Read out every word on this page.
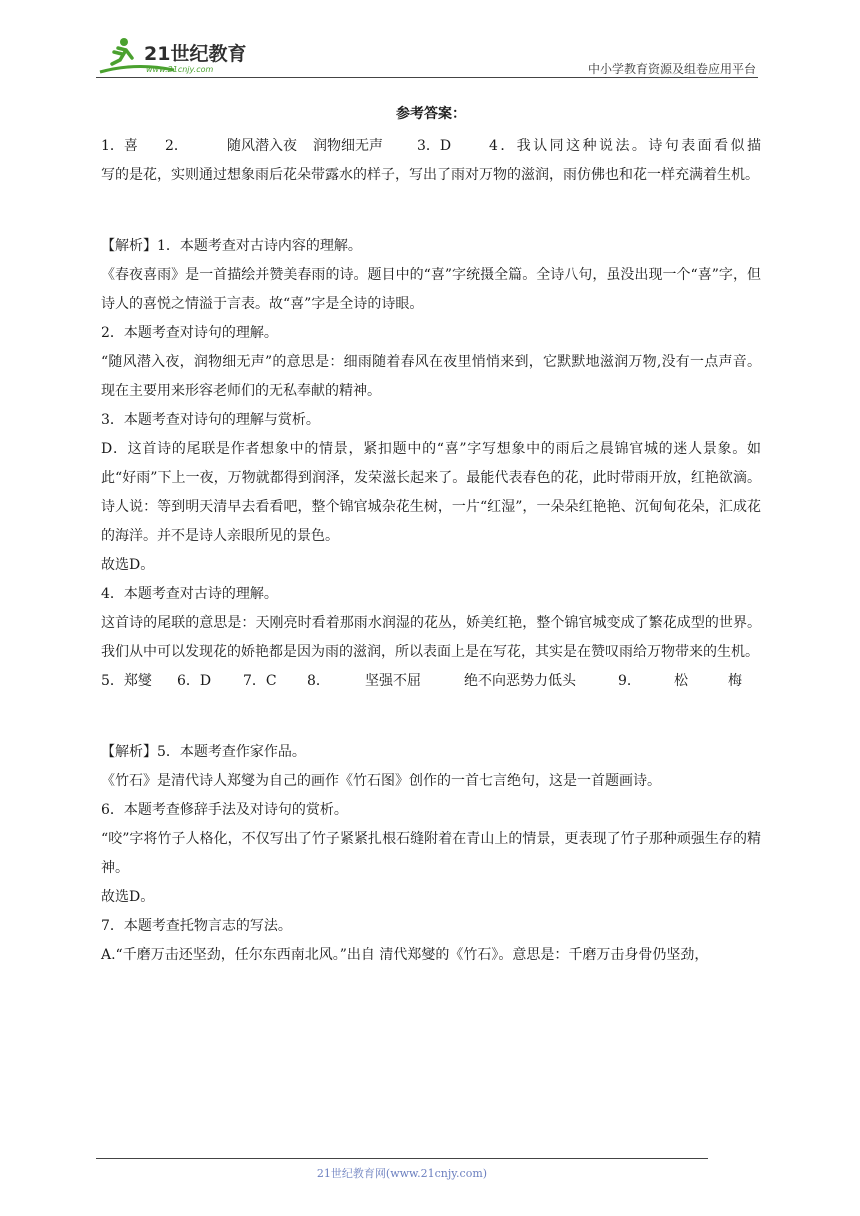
21世纪教育
www.21cnjy.com	中小学教育资源及组卷应用平台
参考答案：
1．喜	2．	随风潜入夜	润物细无声	3．D	4．我认同这种说法。诗句表面看似描

写的是花，实则通过想象雨后花朵带露水的样子，写出了雨对万物的滋润，雨仿佛也和花一样充满着生机。

【解析】1．本题考查对古诗内容的理解。

《春夜喜雨》是一首描绘并赞美春雨的诗。题目中的“喜”字统摄全篇。全诗八句，虽没出现一个“喜”字，但诗人的喜悦之情溢于言表。故“喜”字是全诗的诗眼。

2．本题考查对诗句的理解。

“随风潜入夜，润物细无声”的意思是：细雨随着春风在夜里悄悄来到，它默默地滋润万物,没有一点声音。现在主要用来形容老师们的无私奉献的精神。

3．本题考查对诗句的理解与赏析。

D．这首诗的尾联是作者想象中的情景，紧扣题中的“喜”字写想象中的雨后之晨锦官城的迷人景象。如此“好雨”下上一夜，万物就都得到润泽，发荣滋长起来了。最能代表春色的花，此时带雨开放，红艳欲滴。诗人说：等到明天清早去看看吧，整个锦官城杂花生树，一片“红湿”，一朵朵红艳艳、沉甸甸花朵，汇成花的海洋。并不是诗人亲眼所见的景色。

故选D。

4．本题考查对古诗的理解。

这首诗的尾联的意思是：天刚亮时看着那雨水润湿的花丛，娇美红艳，整个锦官城变成了繁花成型的世界。我们从中可以发现花的娇艳都是因为雨的滋润，所以表面上是在写花，其实是在赞叹雨给万物带来的生机。

5．郑燮	6．D	7．C	8．	坚强不屈	绝不向恶势力低头	9．	松	梅

【解析】5．本题考查作家作品。

《竹石》是清代诗人郑燮为自己的画作《竹石图》创作的一首七言绝句，这是一首题画诗。

6．本题考查修辞手法及对诗句的赏析。

“咬”字将竹子人格化，不仅写出了竹子紧紧扎根石缝附着在青山上的情景，更表现了竹子那种顽强生存的精神。

故选D。

7．本题考查托物言志的写法。

A.“千磨万击还坚劲，任尔东西南北风。”出自 清代郑燮的《竹石》。意思是：千磨万击身骨仍坚劲，

21世纪教育网(www.21cnjy.com)
